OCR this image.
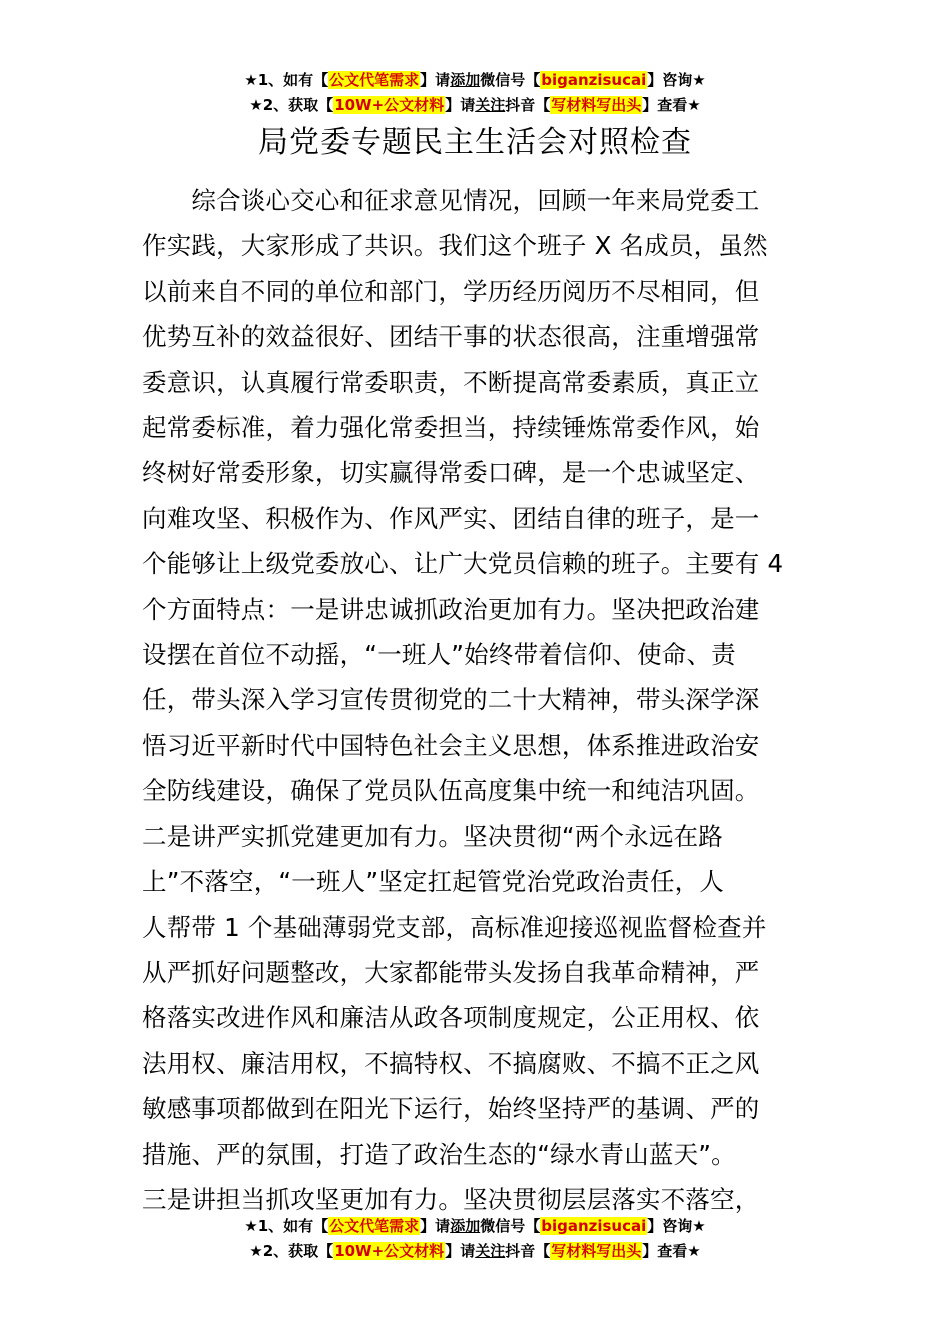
★1、如有【公文代笔需求】请添加微信号【biganzisucai】咨询★
★2、获取【10W+公文材料】请关注抖音【写材料写出头】查看★
局党委专题民主生活会对照检查
　　综合谈心交心和征求意见情况，回顾一年来局党委工
作实践，大家形成了共识。我们这个班子 X 名成员，虽然
以前来自不同的单位和部门，学历经历阅历不尽相同，但
优势互补的效益很好、团结干事的状态很高，注重增强常
委意识，认真履行常委职责，不断提高常委素质，真正立
起常委标准，着力强化常委担当，持续锤炼常委作风，始
终树好常委形象，切实赢得常委口碑，是一个忠诚坚定、
向难攻坚、积极作为、作风严实、团结自律的班子，是一
个能够让上级党委放心、让广大党员信赖的班子。主要有 4
个方面特点：一是讲忠诚抓政治更加有力。坚决把政治建
设摆在首位不动摇，“一班人”始终带着信仰、使命、责
任，带头深入学习宣传贯彻党的二十大精神，带头深学深
悟习近平新时代中国特色社会主义思想，体系推进政治安
全防线建设，确保了党员队伍高度集中统一和纯洁巩固。
二是讲严实抓党建更加有力。坚决贯彻“两个永远在路
上”不落空，“一班人”坚定扛起管党治党政治责任，人
人帮带 1 个基础薄弱党支部，高标准迎接巡视监督检查并
从严抓好问题整改，大家都能带头发扬自我革命精神，严
格落实改进作风和廉洁从政各项制度规定，公正用权、依
法用权、廉洁用权，不搞特权、不搞腐败、不搞不正之风
敏感事项都做到在阳光下运行，始终坚持严的基调、严的
措施、严的氛围，打造了政治生态的“绿水青山蓝天”。
三是讲担当抓攻坚更加有力。坚决贯彻层层落实不落空，
★1、如有【公文代笔需求】请添加微信号【biganzisucai】咨询★
★2、获取【10W+公文材料】请关注抖音【写材料写出头】查看★
